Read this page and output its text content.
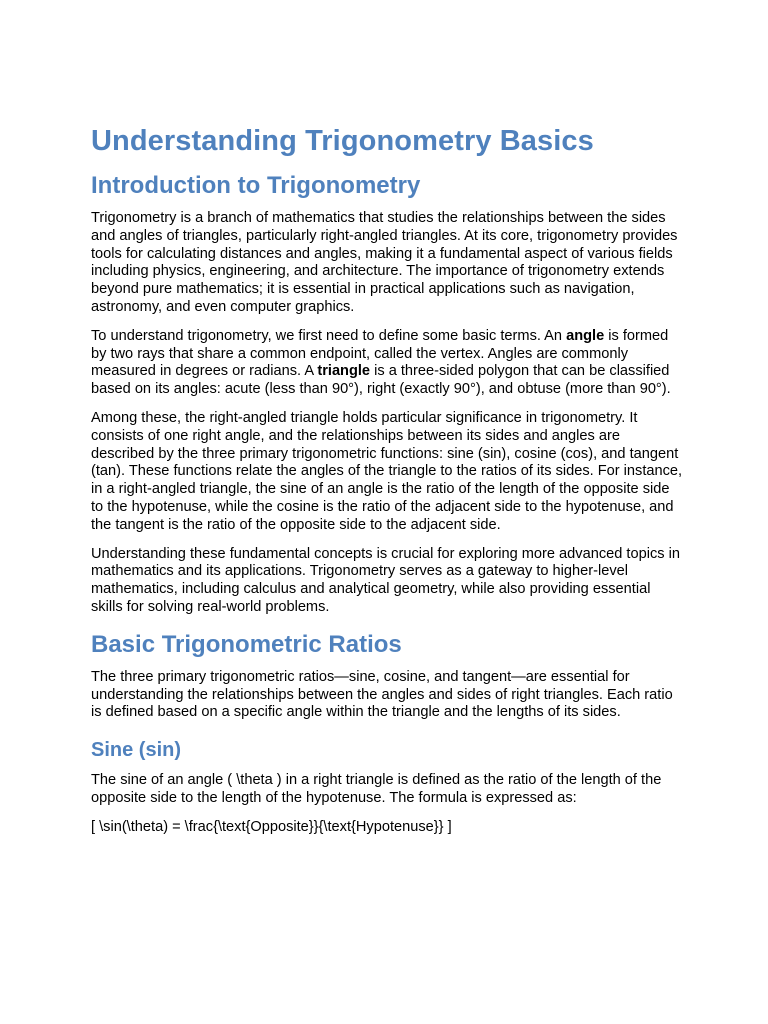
Understanding Trigonometry Basics
Introduction to Trigonometry

Trigonometry is a branch of mathematics that studies the relationships between the sides and angles of triangles, particularly right-angled triangles. At its core, trigonometry provides tools for calculating distances and angles, making it a fundamental aspect of various fields including physics, engineering, and architecture. The importance of trigonometry extends beyond pure mathematics; it is essential in practical applications such as navigation, astronomy, and even computer graphics.

To understand trigonometry, we first need to define some basic terms. An angle is formed by two rays that share a common endpoint, called the vertex. Angles are commonly measured in degrees or radians. A triangle is a three-sided polygon that can be classified based on its angles: acute (less than 90°), right (exactly 90°), and obtuse (more than 90°).

Among these, the right-angled triangle holds particular significance in trigonometry. It consists of one right angle, and the relationships between its sides and angles are described by the three primary trigonometric functions: sine (sin), cosine (cos), and tangent (tan). These functions relate the angles of the triangle to the ratios of its sides. For instance, in a right-angled triangle, the sine of an angle is the ratio of the length of the opposite side to the hypotenuse, while the cosine is the ratio of the adjacent side to the hypotenuse, and the tangent is the ratio of the opposite side to the adjacent side.

Understanding these fundamental concepts is crucial for exploring more advanced topics in mathematics and its applications. Trigonometry serves as a gateway to higher-level mathematics, including calculus and analytical geometry, while also providing essential skills for solving real-world problems.

Basic Trigonometric Ratios

The three primary trigonometric ratios—sine, cosine, and tangent—are essential for understanding the relationships between the angles and sides of right triangles. Each ratio is defined based on a specific angle within the triangle and the lengths of its sides.

Sine (sin)

The sine of an angle ( \theta ) in a right triangle is defined as the ratio of the length of the opposite side to the length of the hypotenuse. The formula is expressed as:

[ \sin(\theta) = \frac{\text{Opposite}}{\text{Hypotenuse}} ]
